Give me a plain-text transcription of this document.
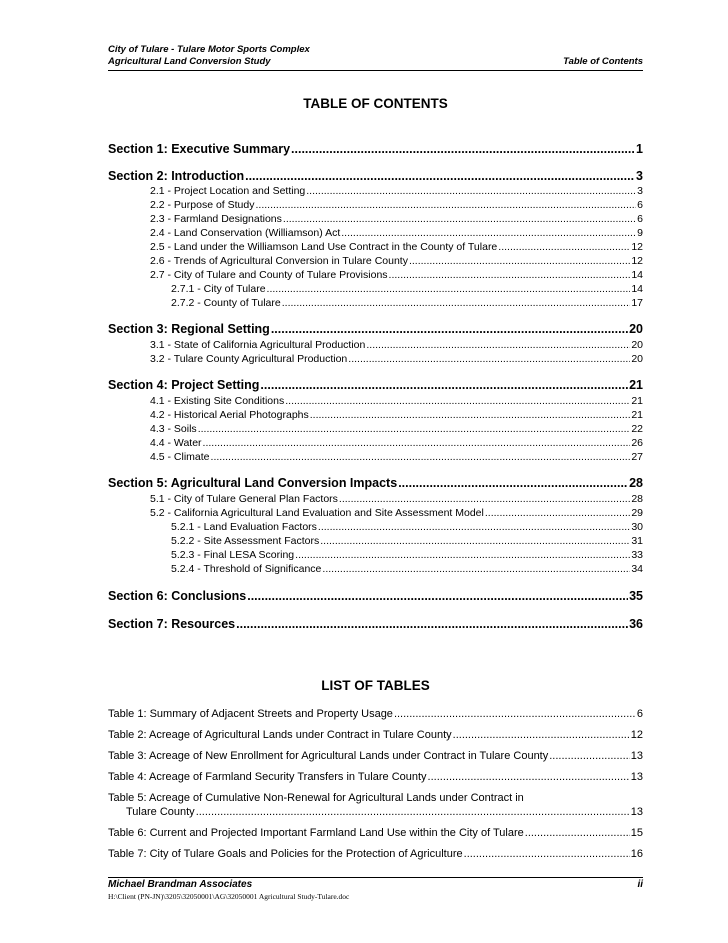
City of Tulare - Tulare Motor Sports Complex
Agricultural Land Conversion Study	Table of Contents
TABLE OF CONTENTS
Section 1: Executive Summary .....	1
Section 2: Introduction .....	3
2.1 - Project Location and Setting .....	3
2.2 - Purpose of Study .....	6
2.3 - Farmland Designations .....	6
2.4 - Land Conservation (Williamson) Act .....	9
2.5 - Land under the Williamson Land Use Contract in the County of Tulare .....	12
2.6 - Trends of Agricultural Conversion in Tulare County .....	12
2.7 - City of Tulare and County of Tulare Provisions .....	14
2.7.1 - City of Tulare .....	14
2.7.2 - County of Tulare .....	17
Section 3: Regional Setting .....	20
3.1 - State of California Agricultural Production .....	20
3.2 - Tulare County Agricultural Production .....	20
Section 4: Project Setting .....	21
4.1 - Existing Site Conditions .....	21
4.2 - Historical Aerial Photographs .....	21
4.3 - Soils .....	22
4.4 - Water .....	26
4.5 - Climate .....	27
Section 5: Agricultural Land Conversion Impacts .....	28
5.1 - City of Tulare General Plan Factors .....	28
5.2 - California Agricultural Land Evaluation and Site Assessment Model .....	29
5.2.1 - Land Evaluation Factors .....	30
5.2.2 - Site Assessment Factors .....	31
5.2.3 - Final LESA Scoring .....	33
5.2.4 - Threshold of Significance .....	34
Section 6: Conclusions .....	35
Section 7: Resources .....	36
LIST OF TABLES
Table 1: Summary of Adjacent Streets and Property Usage .....	6
Table 2: Acreage of Agricultural Lands under Contract in Tulare County .....	12
Table 3: Acreage of New Enrollment for Agricultural Lands under Contract in Tulare County .....	13
Table 4: Acreage of Farmland Security Transfers in Tulare County .....	13
Table 5: Acreage of Cumulative Non-Renewal for Agricultural Lands under Contract in
Tulare County .....	13
Table 6: Current and Projected Important Farmland Land Use within the City of Tulare .....	15
Table 7: City of Tulare Goals and Policies for the Protection of Agriculture .....	16
Michael Brandman Associates	ii
H:\Client (PN-JN)\3205\32050001\AG\32050001 Agricultural Study-Tulare.doc
